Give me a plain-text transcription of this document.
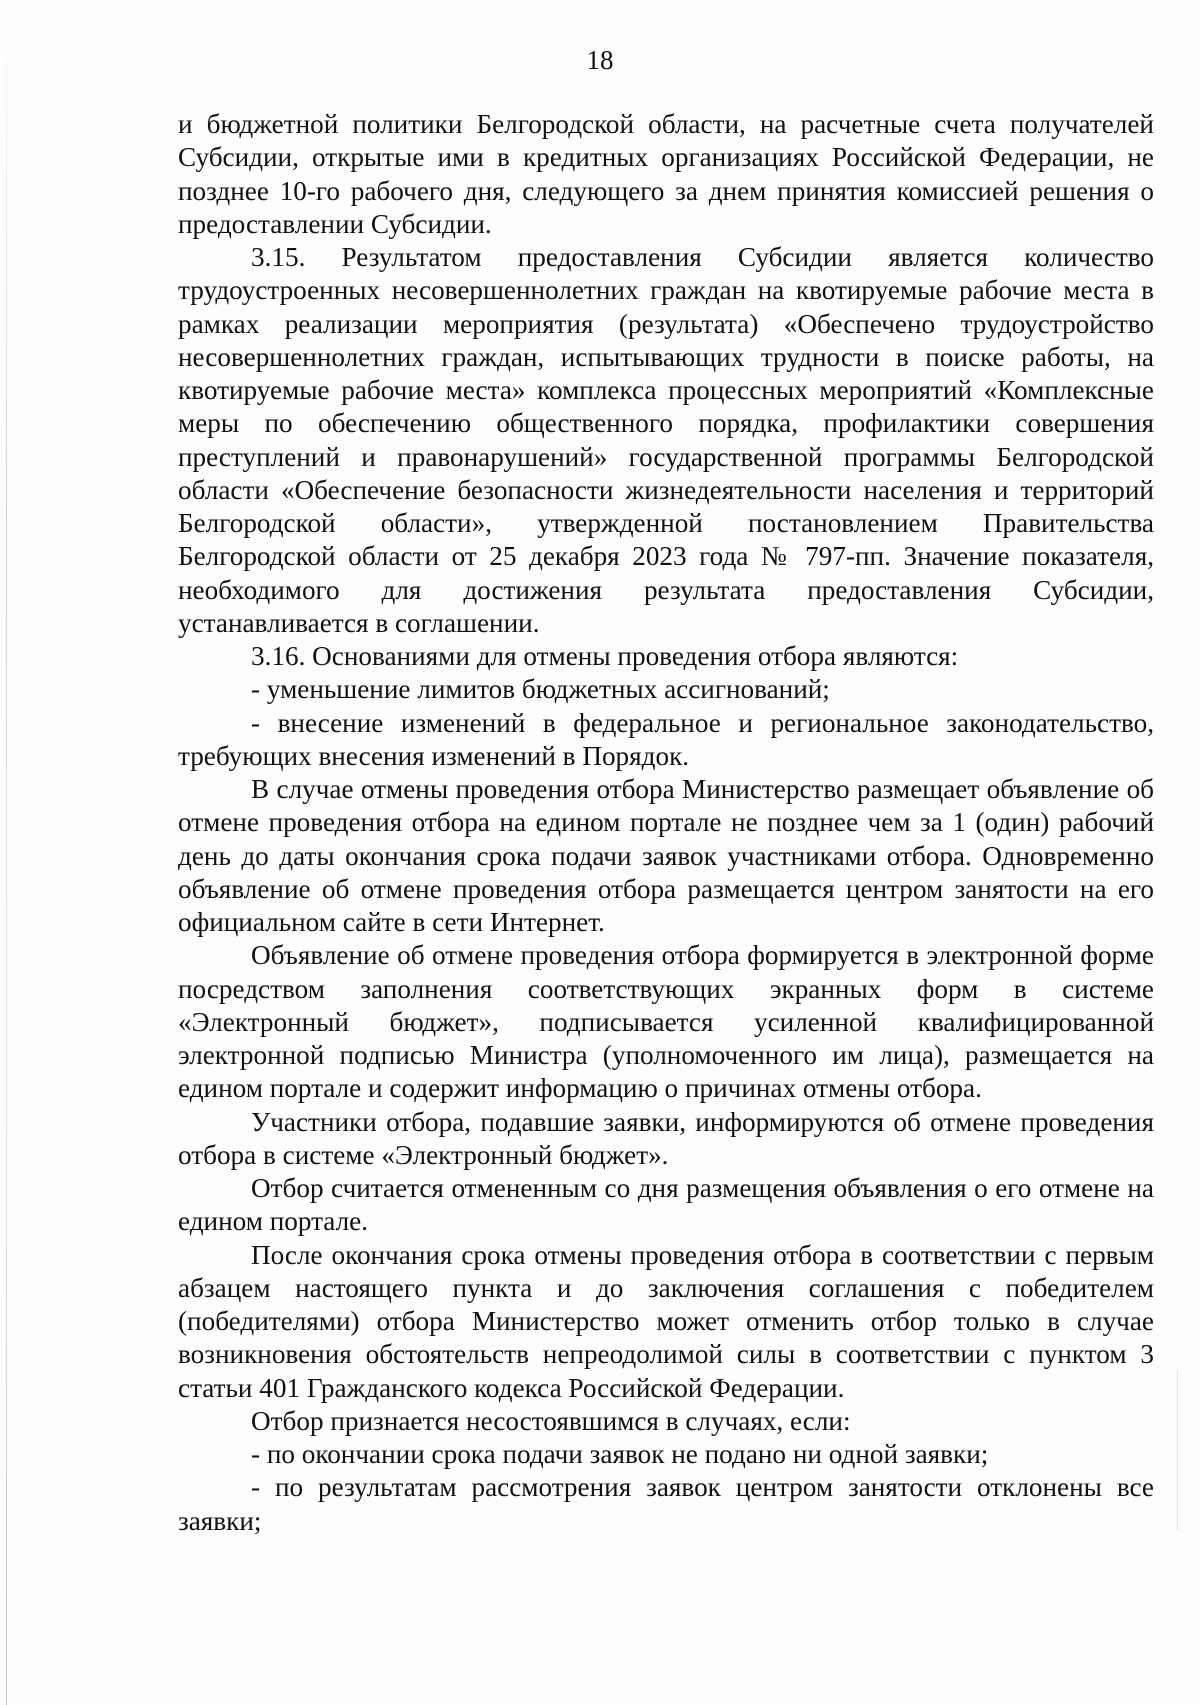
18

и бюджетной политики Белгородской области, на расчетные счета получателей Субсидии, открытые ими в кредитных организациях Российской Федерации, не позднее 10-го рабочего дня, следующего за днем принятия комиссией решения о предоставлении Субсидии.

3.15. Результатом предоставления Субсидии является количество трудоустроенных несовершеннолетних граждан на квотируемые рабочие места в рамках реализации мероприятия (результата) «Обеспечено трудоустройство несовершеннолетних граждан, испытывающих трудности в поиске работы, на квотируемые рабочие места» комплекса процессных мероприятий «Комплексные меры по обеспечению общественного порядка, профилактики совершения преступлений и правонарушений» государственной программы Белгородской области «Обеспечение безопасности жизнедеятельности населения и территорий Белгородской области», утвержденной постановлением Правительства Белгородской области от 25 декабря 2023 года № 797-пп. Значение показателя, необходимого для достижения результата предоставления Субсидии, устанавливается в соглашении.

3.16. Основаниями для отмены проведения отбора являются:

- уменьшение лимитов бюджетных ассигнований;

- внесение изменений в федеральное и региональное законодательство, требующих внесения изменений в Порядок.

В случае отмены проведения отбора Министерство размещает объявление об отмене проведения отбора на едином портале не позднее чем за 1 (один) рабочий день до даты окончания срока подачи заявок участниками отбора. Одновременно объявление об отмене проведения отбора размещается центром занятости на его официальном сайте в сети Интернет.

Объявление об отмене проведения отбора формируется в электронной форме посредством заполнения соответствующих экранных форм в системе «Электронный бюджет», подписывается усиленной квалифицированной электронной подписью Министра (уполномоченного им лица), размещается на едином портале и содержит информацию о причинах отмены отбора.

Участники отбора, подавшие заявки, информируются об отмене проведения отбора в системе «Электронный бюджет».

Отбор считается отмененным со дня размещения объявления о его отмене на едином портале.

После окончания срока отмены проведения отбора в соответствии с первым абзацем настоящего пункта и до заключения соглашения с победителем (победителями) отбора Министерство может отменить отбор только в случае возникновения обстоятельств непреодолимой силы в соответствии с пунктом 3 статьи 401 Гражданского кодекса Российской Федерации.

Отбор признается несостоявшимся в случаях, если:

- по окончании срока подачи заявок не подано ни одной заявки;

- по результатам рассмотрения заявок центром занятости отклонены все заявки;
